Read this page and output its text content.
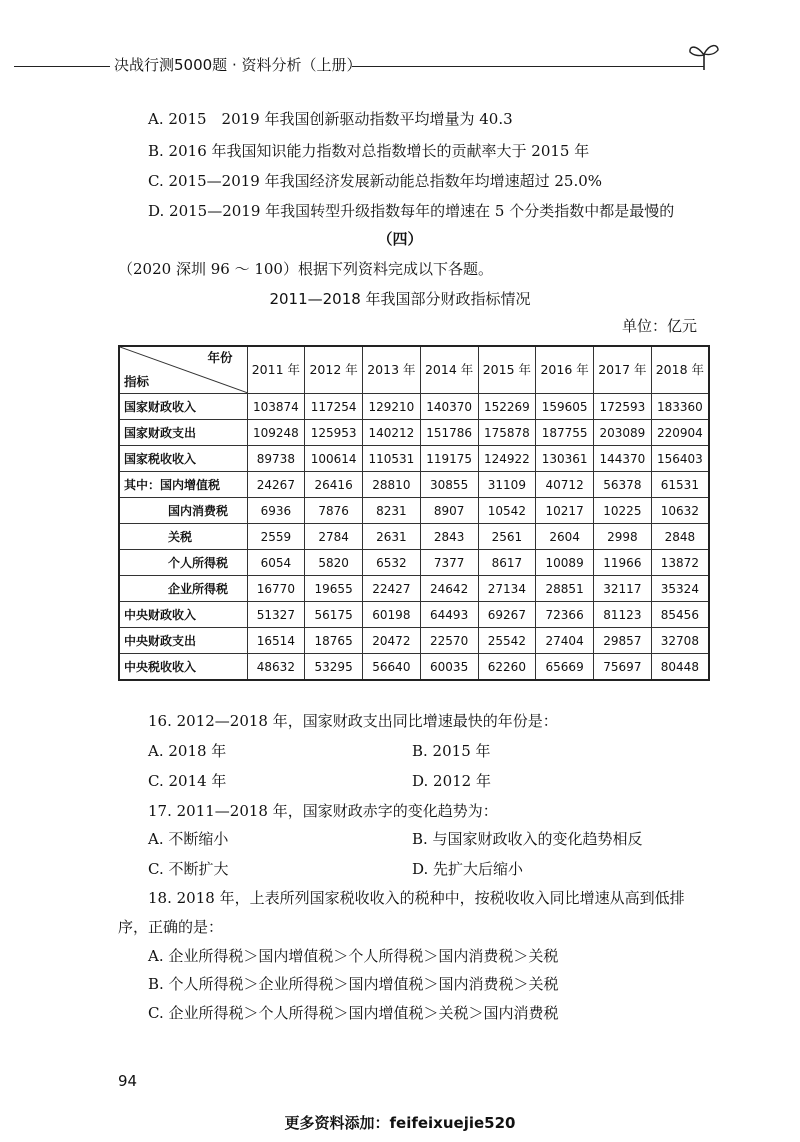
决战行测5000题 · 资料分析（上册）
A. 2015　2019 年我国创新驱动指数平均增量为 40.3
B. 2016 年我国知识能力指数对总指数增长的贡献率大于 2015 年
C. 2015—2019 年我国经济发展新动能总指数年均增速超过 25.0%
D. 2015—2019 年我国转型升级指数每年的增速在 5 个分类指数中都是最慢的
（四）
（2020 深圳 96 ～ 100）根据下列资料完成以下各题。
2011—2018 年我国部分财政指标情况
单位：亿元
年份
指标	2011 年	2012 年	2013 年	2014 年	2015 年	2016 年	2017 年	2018 年
国家财政收入	103874	117254	129210	140370	152269	159605	172593	183360
国家财政支出	109248	125953	140212	151786	175878	187755	203089	220904
国家税收收入	89738	100614	110531	119175	124922	130361	144370	156403
其中：国内增值税	24267	26416	28810	30855	31109	40712	56378	61531
国内消费税	6936	7876	8231	8907	10542	10217	10225	10632
关税	2559	2784	2631	2843	2561	2604	2998	2848
个人所得税	6054	5820	6532	7377	8617	10089	11966	13872
企业所得税	16770	19655	22427	24642	27134	28851	32117	35324
中央财政收入	51327	56175	60198	64493	69267	72366	81123	85456
中央财政支出	16514	18765	20472	22570	25542	27404	29857	32708
中央税收收入	48632	53295	56640	60035	62260	65669	75697	80448
16. 2012—2018 年，国家财政支出同比增速最快的年份是：
A. 2018 年	B. 2015 年
C. 2014 年	D. 2012 年
17. 2011—2018 年，国家财政赤字的变化趋势为：
A. 不断缩小	B. 与国家财政收入的变化趋势相反
C. 不断扩大	D. 先扩大后缩小
18. 2018 年，上表所列国家税收收入的税种中，按税收收入同比增速从高到低排
序，正确的是：
A. 企业所得税＞国内增值税＞个人所得税＞国内消费税＞关税
B. 个人所得税＞企业所得税＞国内增值税＞国内消费税＞关税
C. 企业所得税＞个人所得税＞国内增值税＞关税＞国内消费税
94
更多资料添加：feifeixuejie520
